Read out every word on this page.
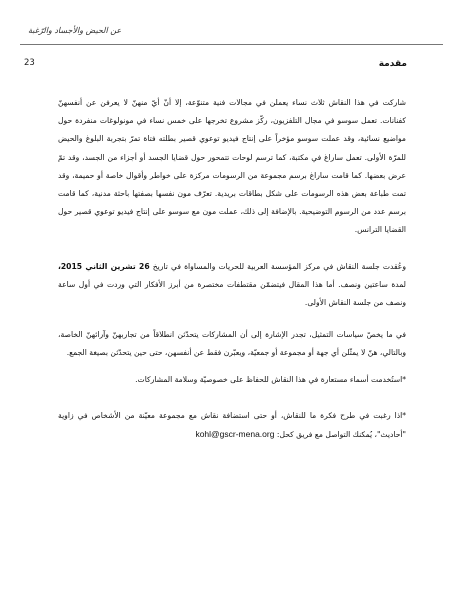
عن الحيض والأجساد والرّغبة
23	مقدمة

شاركت في هذا النقاش ثلاث نساء يعملن في مجالات فنية متنوّعة، إلا أنّ أيّ منهنّ لا يعرفن عن أنفسهنّ كفنانات. تعمل سوسو في مجال التلفزيون، ركّز مشروع تخرجها على خمس نساء في مونولوغات منفردة حول مواضيع نسائية، وقد عملت سوسو مؤخراً على إنتاج فيديو توعوي قصير بطلته فتاة تمرّ بتجربة البلوغ والحيض للمرّة الأولى. تعمل ساراغ في مكتبة، كما ترسم لوحات تتمحور حول قضايا الجسد أو أجزاء من الجسد، وقد تمّ عرض بعضها. كما قامت ساراغ برسم مجموعة من الرسومات مركزة على خواطر وأقوال خاصة أو حميمة، وقد تمت طباعة بعض هذه الرسومات على شكل بطاقات بريدية. تعرّف مون نفسها بصفتها باحثة مدنية، كما قامت برسم عدد من الرسوم التوضيحية. بالإضافة إلى ذلك، عملت مون مع سوسو على إنتاج فيديو توعوي قصير حول القضايا الترانس.

وعُقدت جلسة النقاش في مركز المؤسسة العربية للحريات والمساواة في تاريخ 26 تشرين الثاني 2015، لمدة ساعتين ونصف. أما هذا المقال فيتضمّن مقتطفات مختصرة من أبرز الأفكار التي وردت في أول ساعة ونصف من جلسة النقاش الأولى.

في ما يخصّ سياسات التمثيل، تجدر الإشارة إلى أن المشاركات يتحدّثن انطلاقاً من تجاربهنّ وآرائهنّ الخاصة، وبالتالي، هنّ لا يمثّلن أي جهة أو مجموعة أو جمعيّة، ويعبّرن فقط عن أنفسهن، حتى حين يتحدّثن بصيغة الجمع.

*استُخدمت أسماء مستعارة في هذا النقاش للحفاظ على خصوصيّة وسلامة المشاركات.

*اذا رغبت في طرح فكرة ما للنقاش، أو حتى استضافة نقاش مع مجموعة معيّنة من الأشخاص في زاوية "أحاديث"، يُمكنك التواصل مع فريق كحل: kohl@gscr-mena.org
